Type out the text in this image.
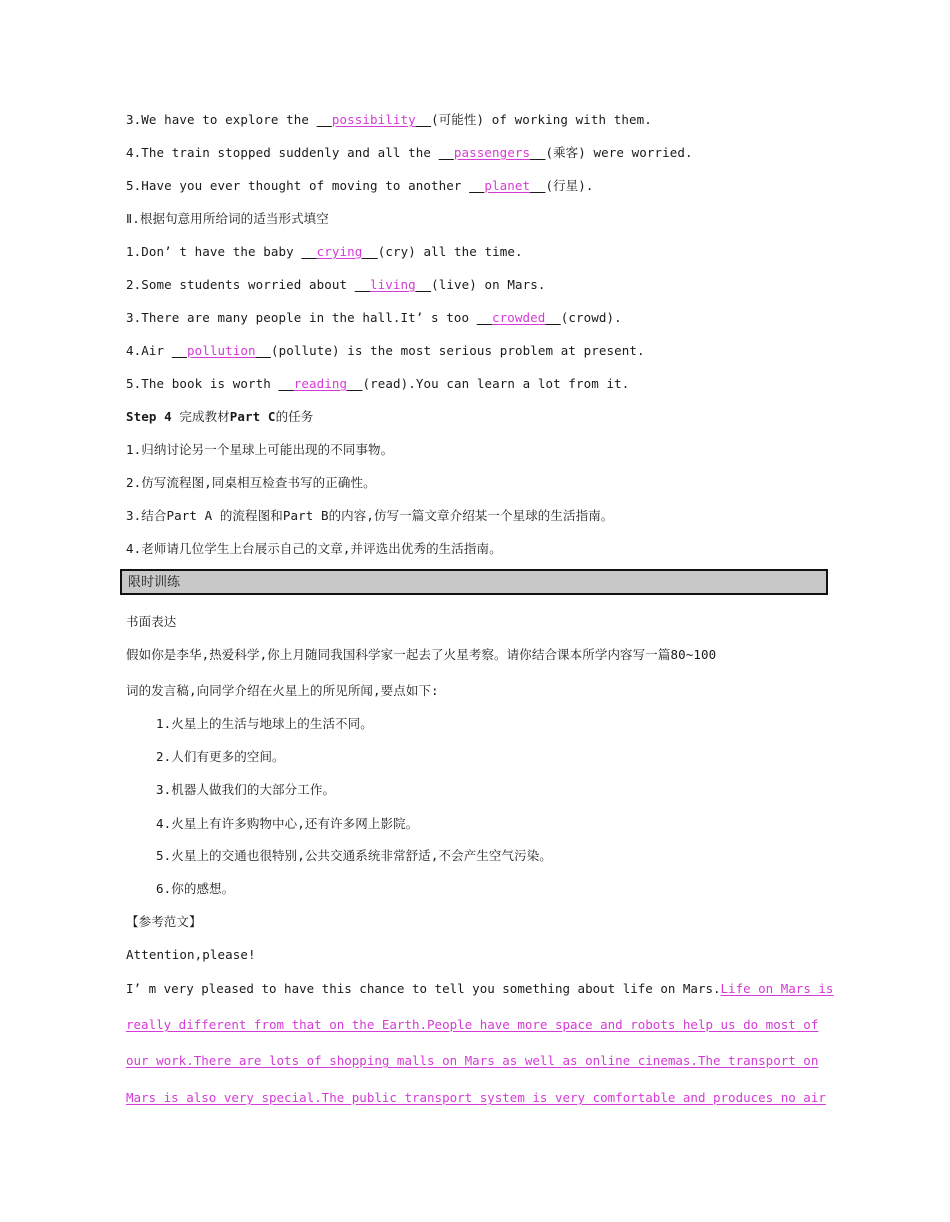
3.We have to explore the   possibility (可能性) of working with them.
4.The train stopped suddenly and all the   passengers (乘客) were worried.
5.Have you ever thought of moving to another   planet (行星).
Ⅱ.根据句意用所给词的适当形式填空
1.Don’ t have the baby   crying (cry) all the time.
2.Some students worried about   living (live) on Mars.
3.There are many people in the hall.It’ s too   crowded (crowd).
4.Air   pollution (pollute) is the most serious problem at present.
5.The book is worth   reading (read).You can learn a lot from it.
Step 4 完成教材Part C的任务
1.归纳讨论另一个星球上可能出现的不同事物。
2.仿写流程图,同桌相互检查书写的正确性。
3.结合Part A 的流程图和Part B的内容,仿写一篇文章介绍某一个星球的生活指南。
4.老师请几位学生上台展示自己的文章,并评选出优秀的生活指南。
限时训练
书面表达
假如你是李华,热爱科学,你上月随同我国科学家一起去了火星考察。请你结合课本所学内容写一篇80~100
词的发言稿,向同学介绍在火星上的所见所闻,要点如下:
1.火星上的生活与地球上的生活不同。
2.人们有更多的空间。
3.机器人做我们的大部分工作。
4.火星上有许多购物中心,还有许多网上影院。
5.火星上的交通也很特别,公共交通系统非常舒适,不会产生空气污染。
6.你的感想。
【参考范文】
Attention,please!
I’ m very pleased to have this chance to tell you something about life on Mars.Life on Mars is
really different from that on the Earth.People have more space and robots help us do most of
our work.There are lots of shopping malls on Mars as well as online cinemas.The transport on
Mars is also very special.The public transport system is very comfortable and produces no air
